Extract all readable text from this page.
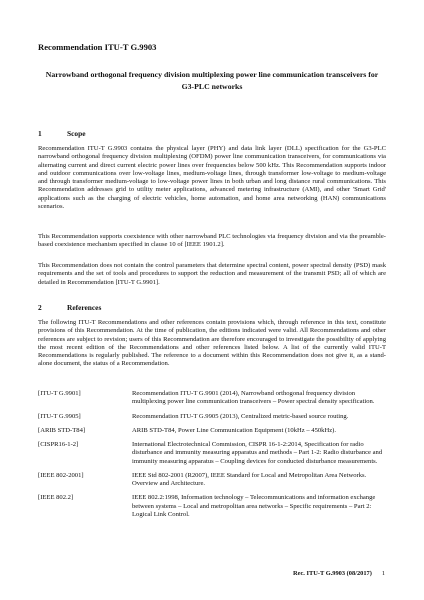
Recommendation ITU-T G.9903
Narrowband orthogonal frequency division multiplexing power line communication transceivers for G3-PLC networks
1	Scope
Recommendation ITU-T G.9903 contains the physical layer (PHY) and data link layer (DLL) specification for the G3-PLC narrowband orthogonal frequency division multiplexing (OFDM) power line communication transceivers, for communications via alternating current and direct current electric power lines over frequencies below 500 kHz. This Recommendation supports indoor and outdoor communications over low-voltage lines, medium-voltage lines, through transformer low-voltage to medium-voltage and through transformer medium-voltage to low-voltage power lines in both urban and long distance rural communications. This Recommendation addresses grid to utility meter applications, advanced metering infrastructure (AMI), and other 'Smart Grid' applications such as the charging of electric vehicles, home automation, and home area networking (HAN) communications scenarios.
This Recommendation supports coexistence with other narrowband PLC technologies via frequency division and via the preamble-based coexistence mechanism specified in clause 10 of [IEEE 1901.2].
This Recommendation does not contain the control parameters that determine spectral content, power spectral density (PSD) mask requirements and the set of tools and procedures to support the reduction and measurement of the transmit PSD; all of which are detailed in Recommendation [ITU-T G.9901].
2	References
The following ITU-T Recommendations and other references contain provisions which, through reference in this text, constitute provisions of this Recommendation. At the time of publication, the editions indicated were valid. All Recommendations and other references are subject to revision; users of this Recommendation are therefore encouraged to investigate the possibility of applying the most recent edition of the Recommendations and other references listed below. A list of the currently valid ITU-T Recommendations is regularly published. The reference to a document within this Recommendation does not give it, as a stand-alone document, the status of a Recommendation.
[ITU-T G.9901]	Recommendation ITU-T G.9901 (2014), Narrowband orthogonal frequency division multiplexing power line communication transceivers – Power spectral density specification.
[ITU-T G.9905]	Recommendation ITU-T G.9905 (2013), Centralized metric-based source routing.
[ARIB STD-T84]	ARIB STD-T84, Power Line Communication Equipment (10kHz – 450kHz).
[CISPR16-1-2]	International Electrotechnical Commission, CISPR 16-1-2:2014, Specification for radio disturbance and immunity measuring apparatus and methods – Part 1-2: Radio disturbance and immunity measuring apparatus – Coupling devices for conducted disturbance measurements.
[IEEE 802-2001]	IEEE Std 802-2001 (R2007), IEEE Standard for Local and Metropolitan Area Networks. Overview and Architecture.
[IEEE 802.2]	IEEE 802.2:1998, Information technology – Telecommunications and information exchange between systems – Local and metropolitan area networks – Specific requirements – Part 2: Logical Link Control.
Rec. ITU-T G.9903 (08/2017) 1
